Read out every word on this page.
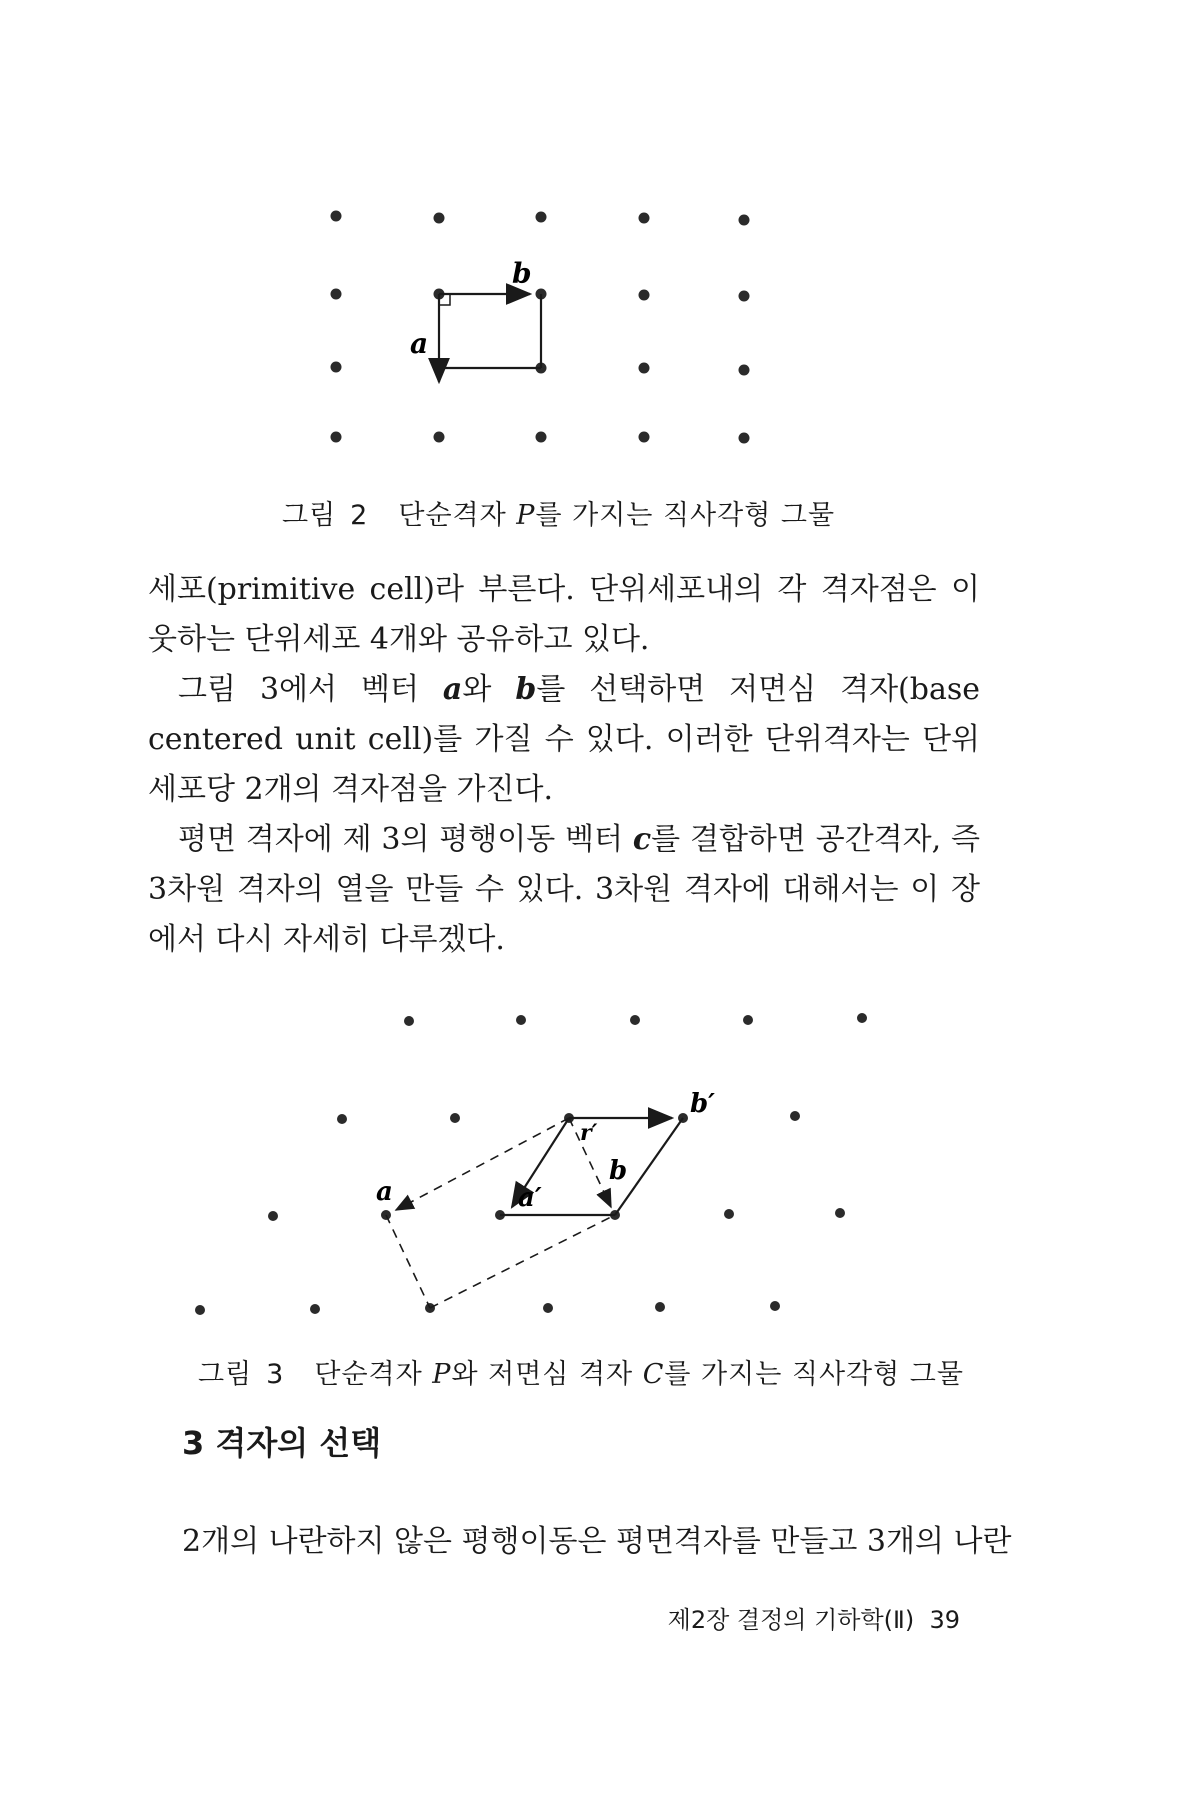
b
a
그림 2 단순격자 P를 가지는 직사각형 그물

세포(primitive cell)라 부른다. 단위세포내의 각 격자점은 이웃하는 단위세포 4개와 공유하고 있다.

그림 3에서 벡터 a와 b를 선택하면 저면심 격자(base centered unit cell)를 가질 수 있다. 이러한 단위격자는 단위세포당 2개의 격자점을 가진다.

평면 격자에 제 3의 평행이동 벡터 c를 결합하면 공간격자, 즉 3차원 격자의 열을 만들 수 있다. 3차원 격자에 대해서는 이 장에서 다시 자세히 다루겠다.

a	a′
b
b′
r′
그림 3 단순격자 P와 저면심 격자 C를 가지는 직사각형 그물
3 격자의 선택
2개의 나란하지 않은 평행이동은 평면격자를 만들고 3개의 나란
제2장 결정의 기하학(Ⅱ) 39
